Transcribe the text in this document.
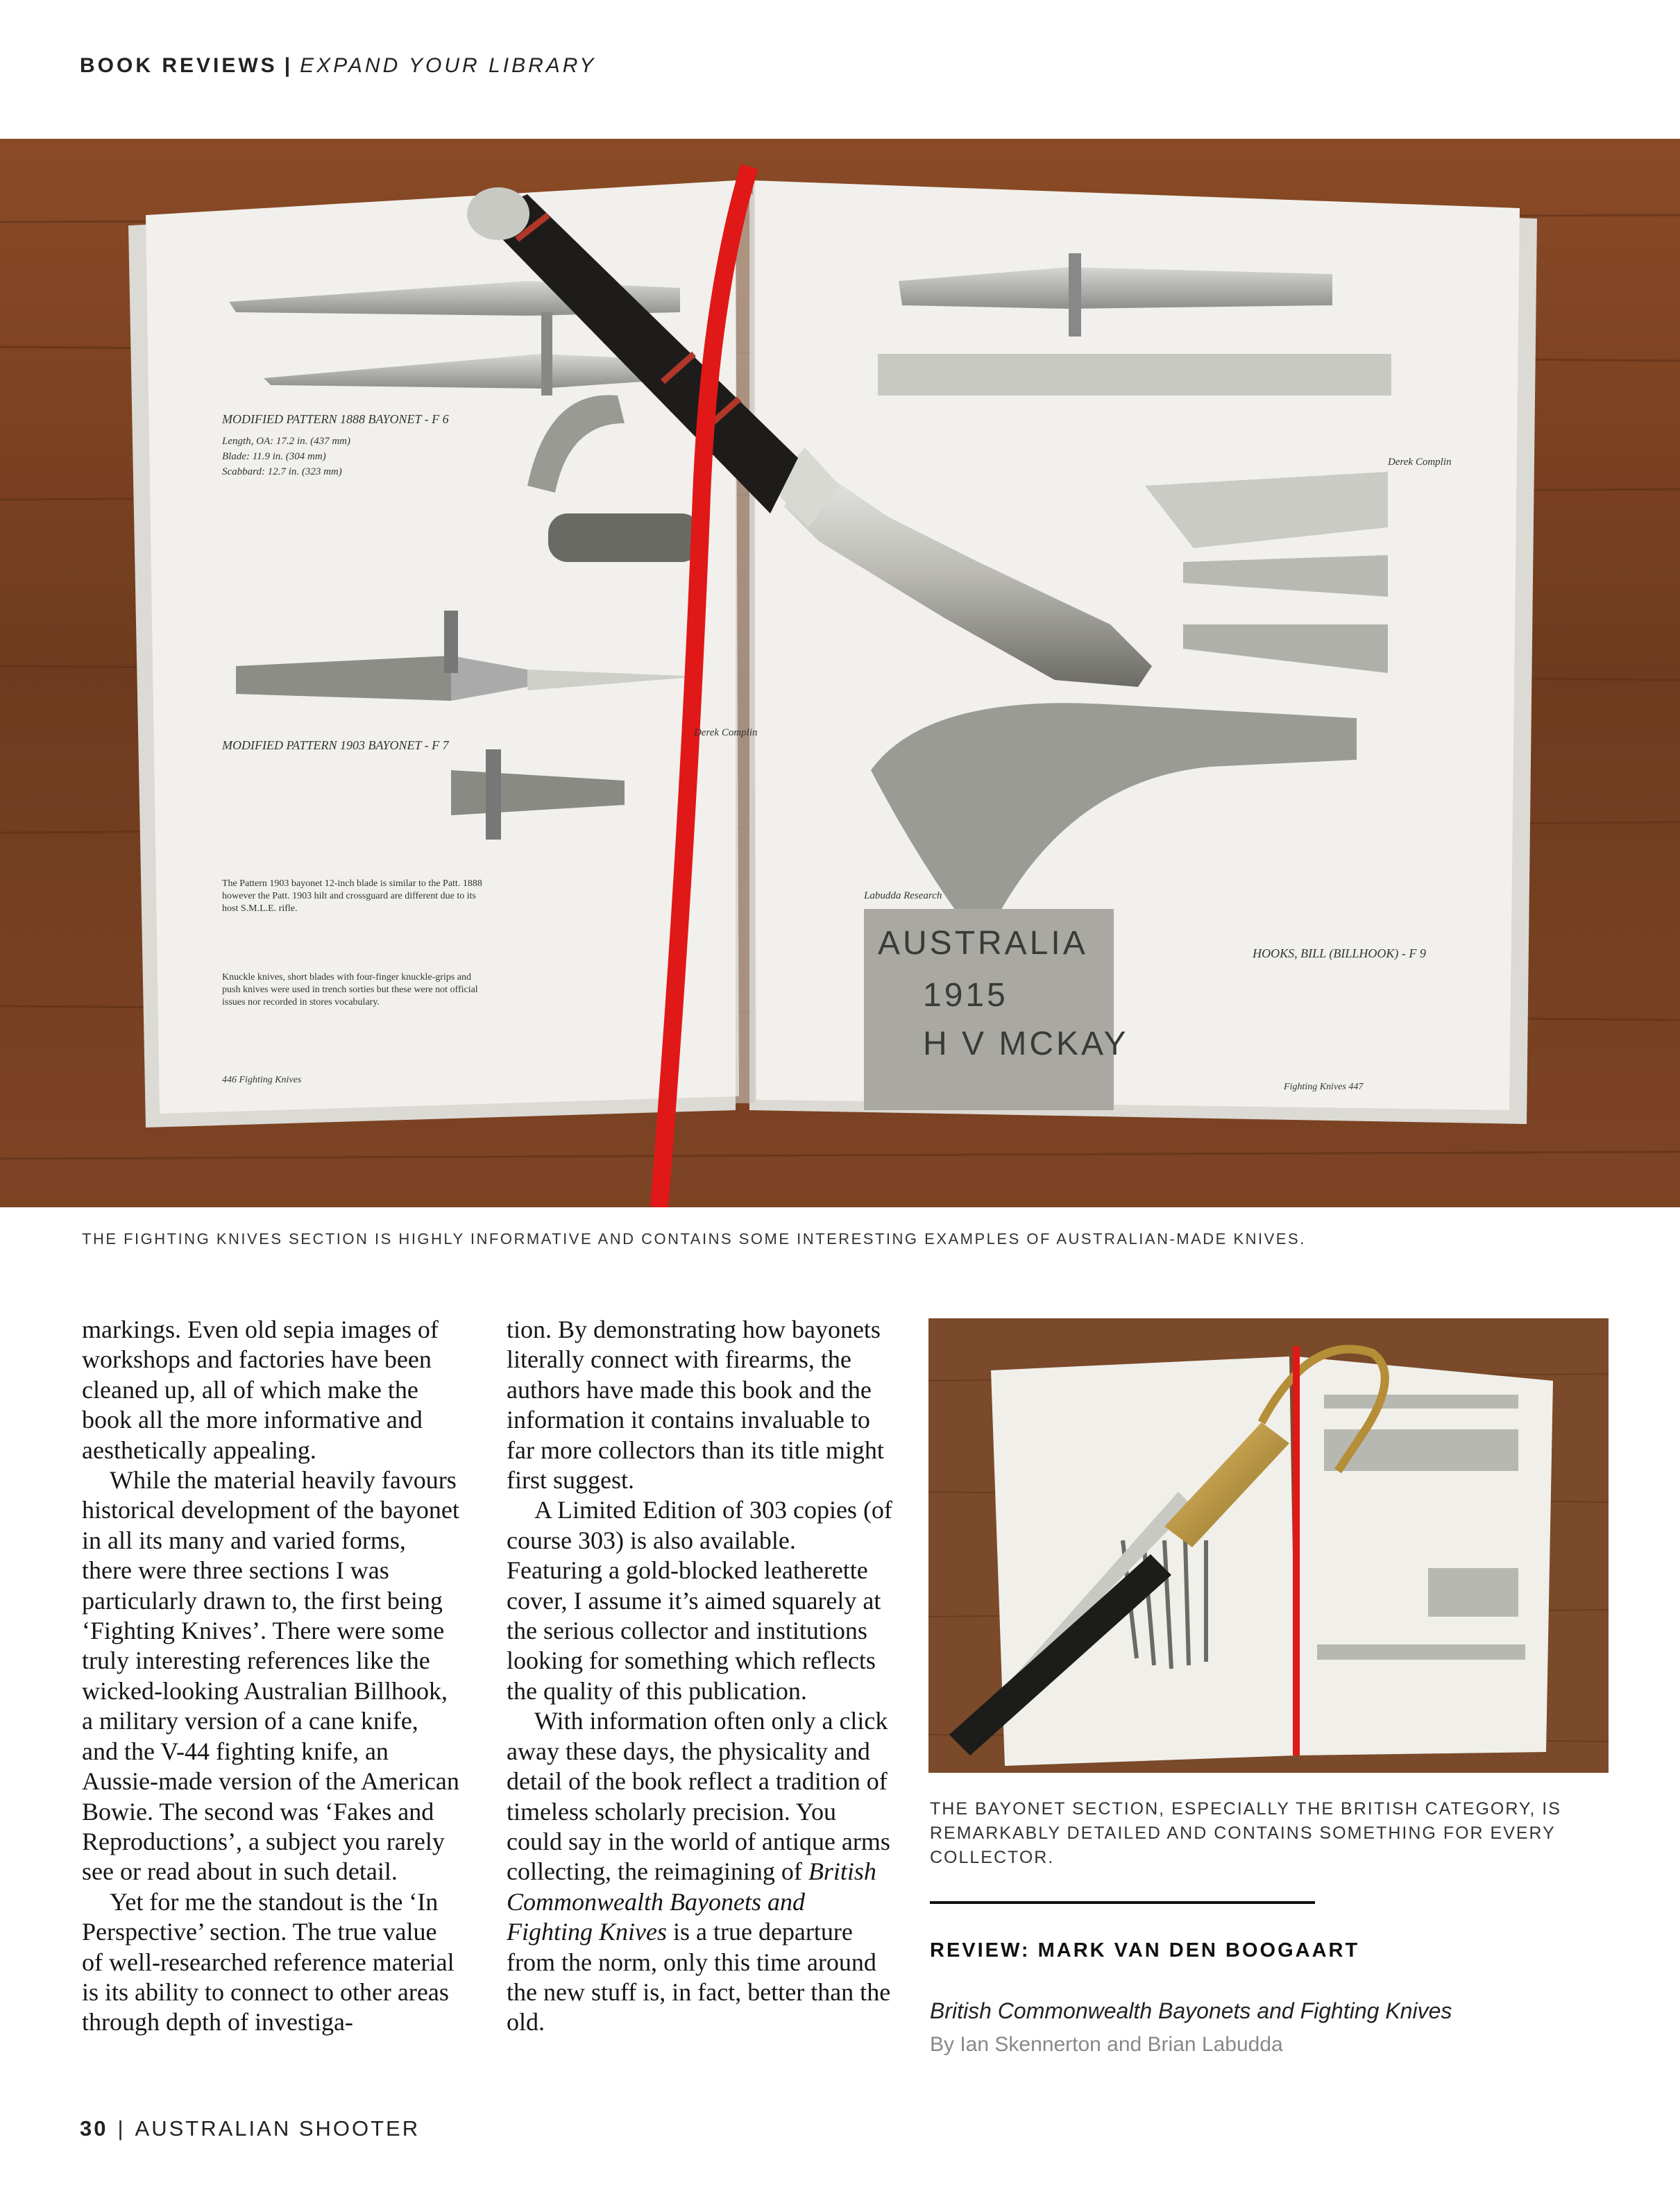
BOOK REVIEWS | EXPAND YOUR LIBRARY
MODIFIED PATTERN 1888 BAYONET - F 6
Length, OA: 17.2 in. (437 mm)
Blade: 11.9 in. (304 mm)
Scabbard: 12.7 in. (323 mm)
MODIFIED PATTERN 1903 BAYONET - F 7
Derek Complin
HOOKS, BILL (BILLHOOK) - F 9
Derek Complin
Labudda Research
The Pattern 1903 bayonet 12-inch blade is similar to the Patt. 1888 however the Patt. 1903 hilt and crossguard are different due to its host S.M.L.E. rifle.
Knuckle knives, short blades with four-finger knuckle-grips and push knives were used in trench sorties but these were not official issues nor recorded in stores vocabulary.
446 Fighting Knives
Fighting Knives 447
AUSTRALIA
1915
H V MCKAY
THE FIGHTING KNIVES SECTION IS HIGHLY INFORMATIVE AND CONTAINS SOME INTERESTING EXAMPLES OF AUSTRALIAN-MADE KNIVES.

markings. Even old sepia images of workshops and factories have been cleaned up, all of which make the book all the more informative and aesthetically appealing.

While the material heavily favours historical development of the bayonet in all its many and varied forms, there were three sections I was particularly drawn to, the first being ‘Fighting Knives’. There were some truly interesting references like the wicked-looking Australian Billhook, a military version of a cane knife, and the V-44 fighting knife, an Aussie-made version of the American Bowie. The second was ‘Fakes and Reproductions’, a subject you rarely see or read about in such detail.

Yet for me the standout is the ‘In Perspective’ section. The true value of well-researched reference material is its ability to connect to other areas through depth of investiga-

tion. By demonstrating how bayonets literally connect with firearms, the authors have made this book and the information it contains invaluable to far more collectors than its title might first suggest.

A Limited Edition of 303 copies (of course 303) is also available. Featuring a gold-blocked leatherette cover, I assume it’s aimed squarely at the serious collector and institutions looking for something which reflects the quality of this publication.

With information often only a click away these days, the physicality and detail of the book reflect a tradition of timeless scholarly precision. You could say in the world of antique arms collecting, the reimagining of British Commonwealth Bayonets and Fighting Knives is a true departure from the norm, only this time around the new stuff is, in fact, better than the old.

THE BAYONET SECTION, ESPECIALLY THE BRITISH CATEGORY, IS REMARKABLY DETAILED AND CONTAINS SOMETHING FOR EVERY COLLECTOR.
REVIEW: MARK VAN DEN BOOGAART
British Commonwealth Bayonets and Fighting Knives
By Ian Skennerton and Brian Labudda
30 | AUSTRALIAN SHOOTER
